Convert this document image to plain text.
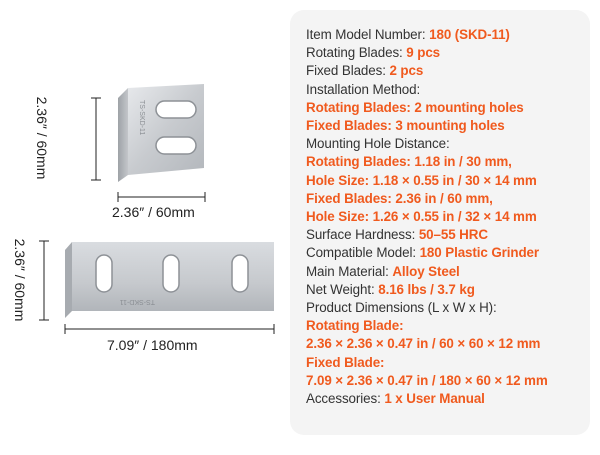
TS-SKD-11
TS-SKD-11
2.36″ / 60mm
2.36″ / 60mm
2.36″ / 60mm
7.09″ / 180mm
Item Model Number: 180 (SKD-11)
Rotating Blades: 9 pcs
Fixed Blades: 2 pcs
Installation Method:
Rotating Blades: 2 mounting holes
Fixed Blades: 3 mounting holes
Mounting Hole Distance:
Rotating Blades: 1.18 in / 30 mm,
Hole Size: 1.18 × 0.55 in / 30 × 14 mm
Fixed Blades: 2.36 in / 60 mm,
Hole Size: 1.26 × 0.55 in / 32 × 14 mm
Surface Hardness: 50–55 HRC
Compatible Model: 180 Plastic Grinder
Main Material: Alloy Steel
Net Weight: 8.16 lbs / 3.7 kg
Product Dimensions (L x W x H):
Rotating Blade:
2.36 × 2.36 × 0.47 in / 60 × 60 × 12 mm
Fixed Blade:
7.09 × 2.36 × 0.47 in / 180 × 60 × 12 mm
Accessories: 1 x User Manual
